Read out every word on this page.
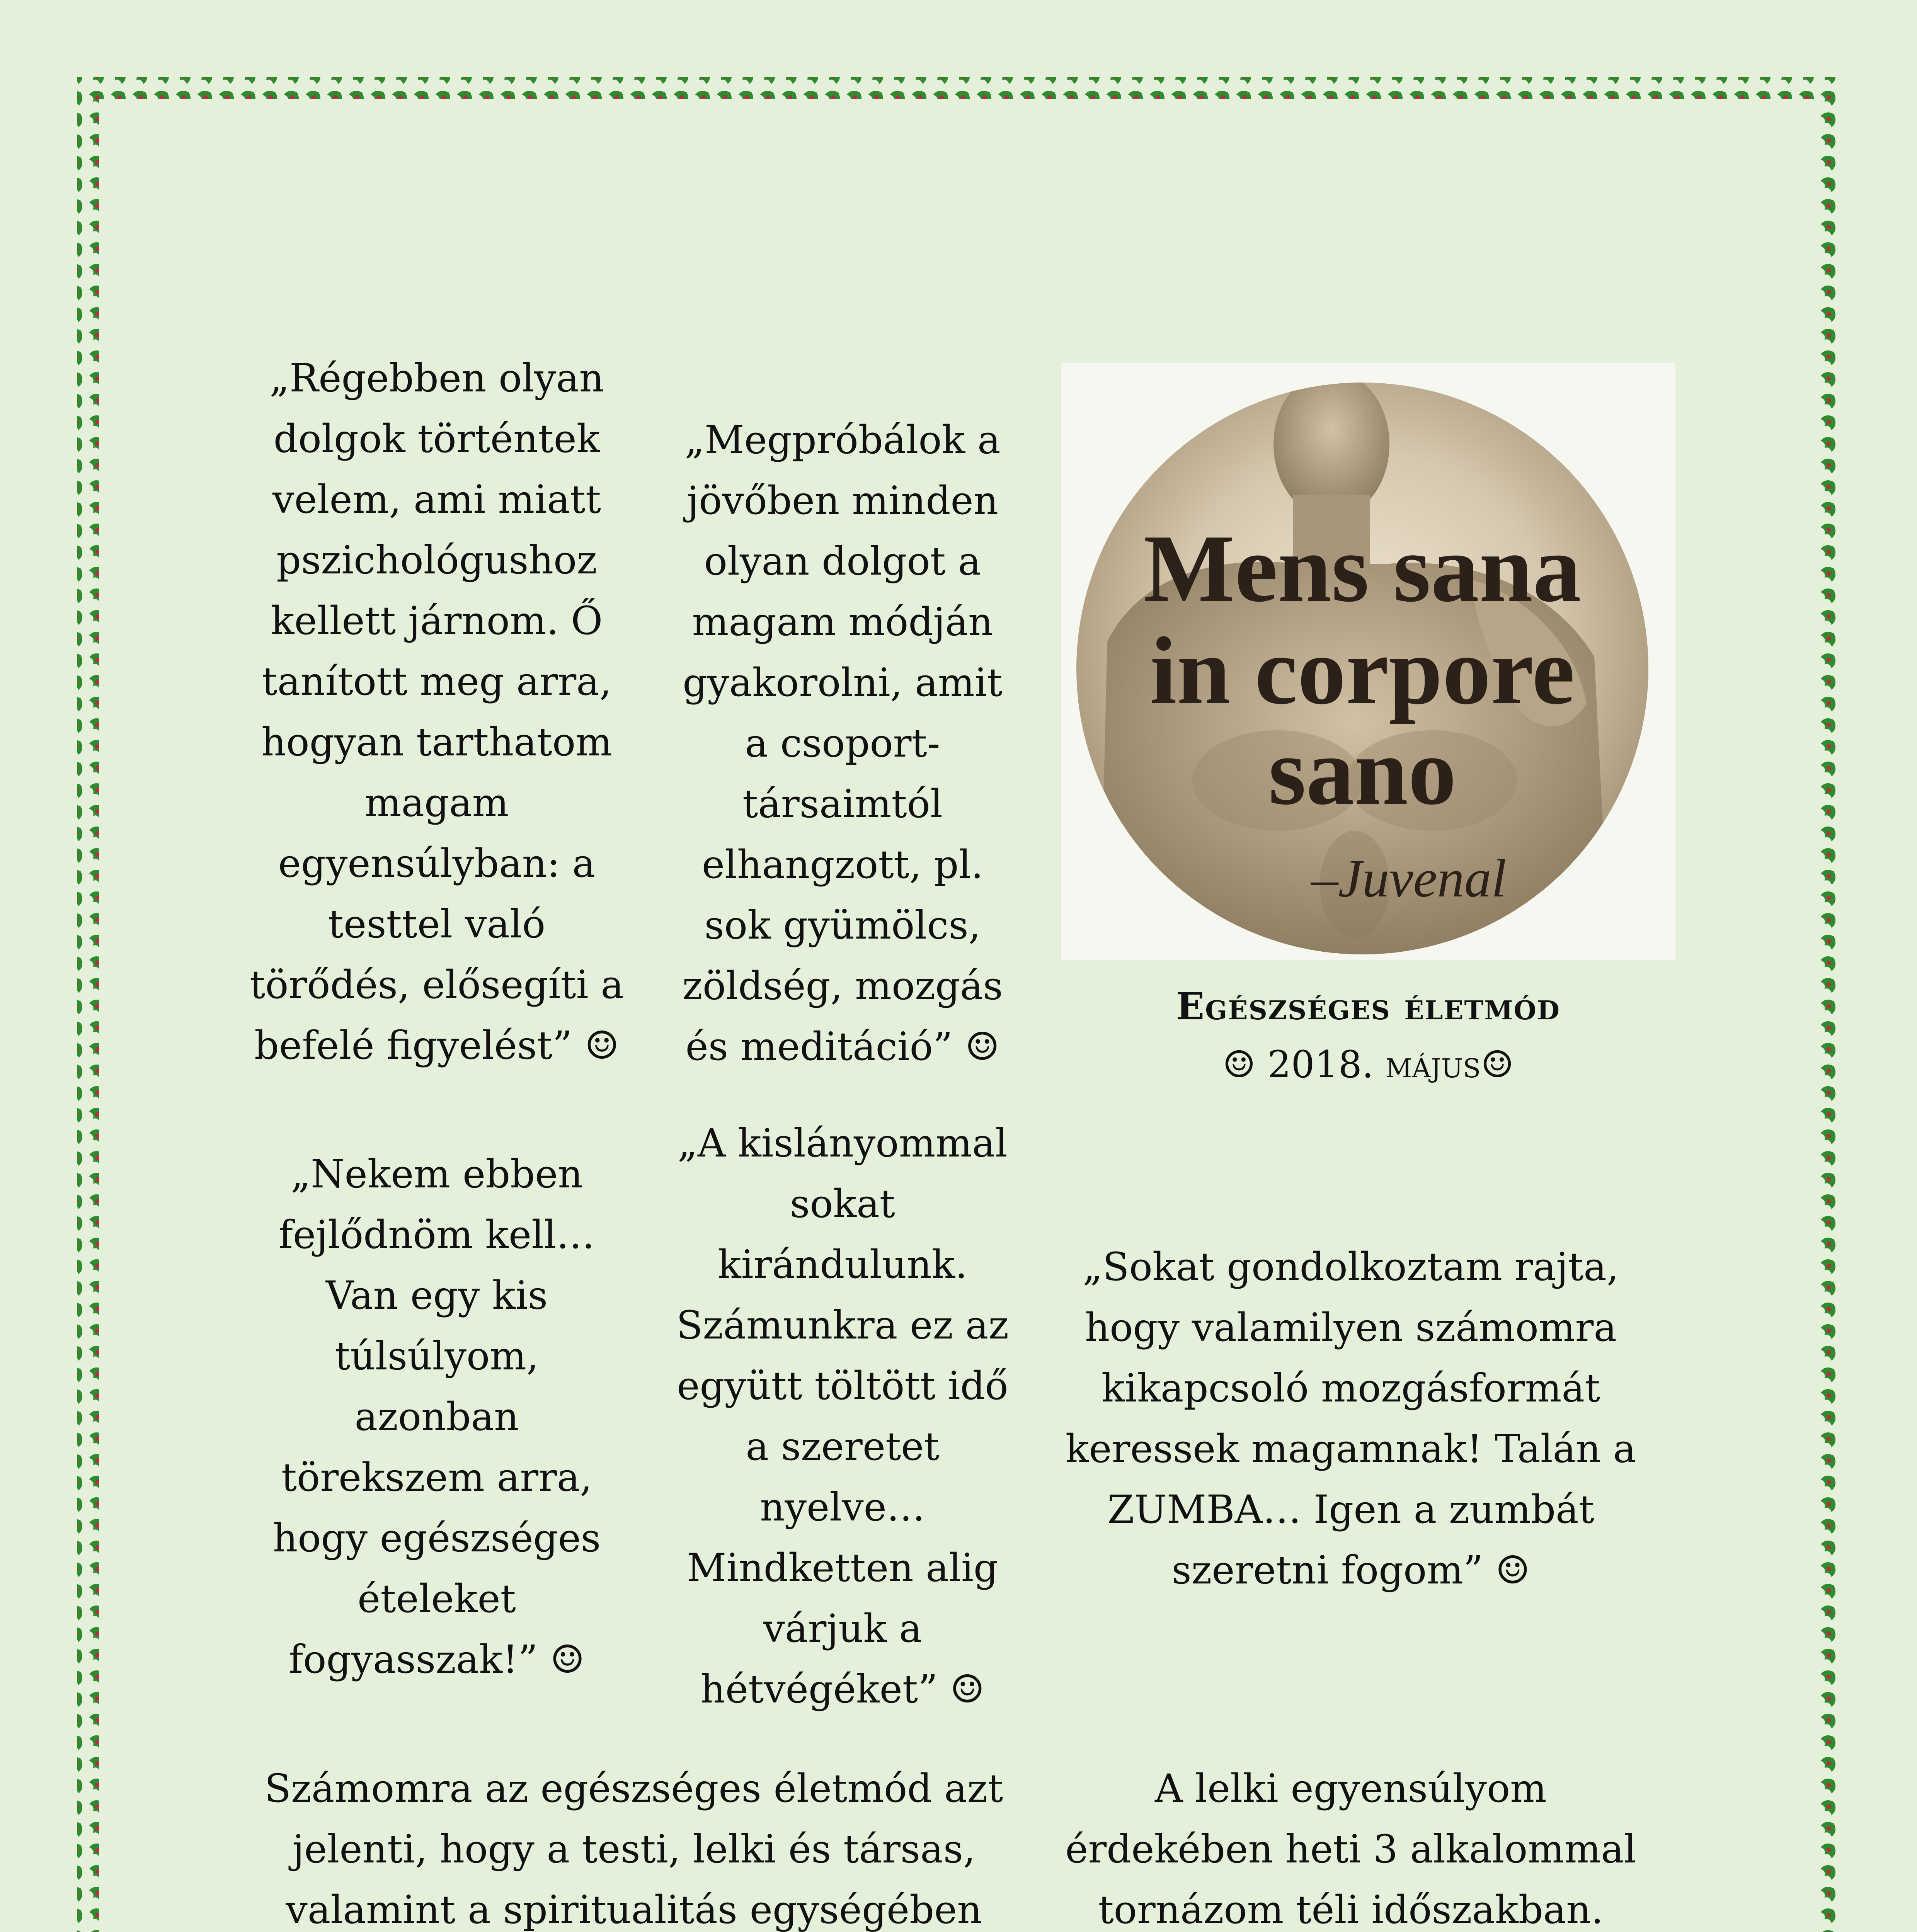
„Régebben olyan
dolgok történtek
velem, ami miatt
pszichológushoz
kellett járnom. Ő
tanított meg arra,
hogyan tarthatom
magam
egyensúlyban: a
testtel való
törődés, elősegíti a
befelé figyelést” ☺
„Megpróbálok a
jövőben minden
olyan dolgot a
magam módján
gyakorolni, amit
a csoport-
társaimtól
elhangzott, pl.
sok gyümölcs,
zöldség, mozgás
és meditáció” ☺
„Nekem ebben
fejlődnöm kell…
Van egy kis
túlsúlyom,
azonban
törekszem arra,
hogy egészséges
ételeket
fogyasszak!” ☺
„A kislányommal
sokat
kirándulunk.
Számunkra ez az
együtt töltött idő
a szeretet
nyelve…
Mindketten alig
várjuk a
hétvégéket” ☺
„Sokat gondolkoztam rajta,
hogy valamilyen számomra
kikapcsoló mozgásformát
keressek magamnak! Talán a
ZUMBA… Igen a zumbát
szeretni fogom” ☺
Számomra az egészséges életmód azt
jelenti, hogy a testi, lelki és társas,
valamint a spiritualitás egységében

A lelki egyensúlyom
érdekében heti 3 alkalommal
tornázom téli időszakban.

Mens sana
in corpore
sano
–Juvenal
Egészséges életmód
☺ 2018. május☺
